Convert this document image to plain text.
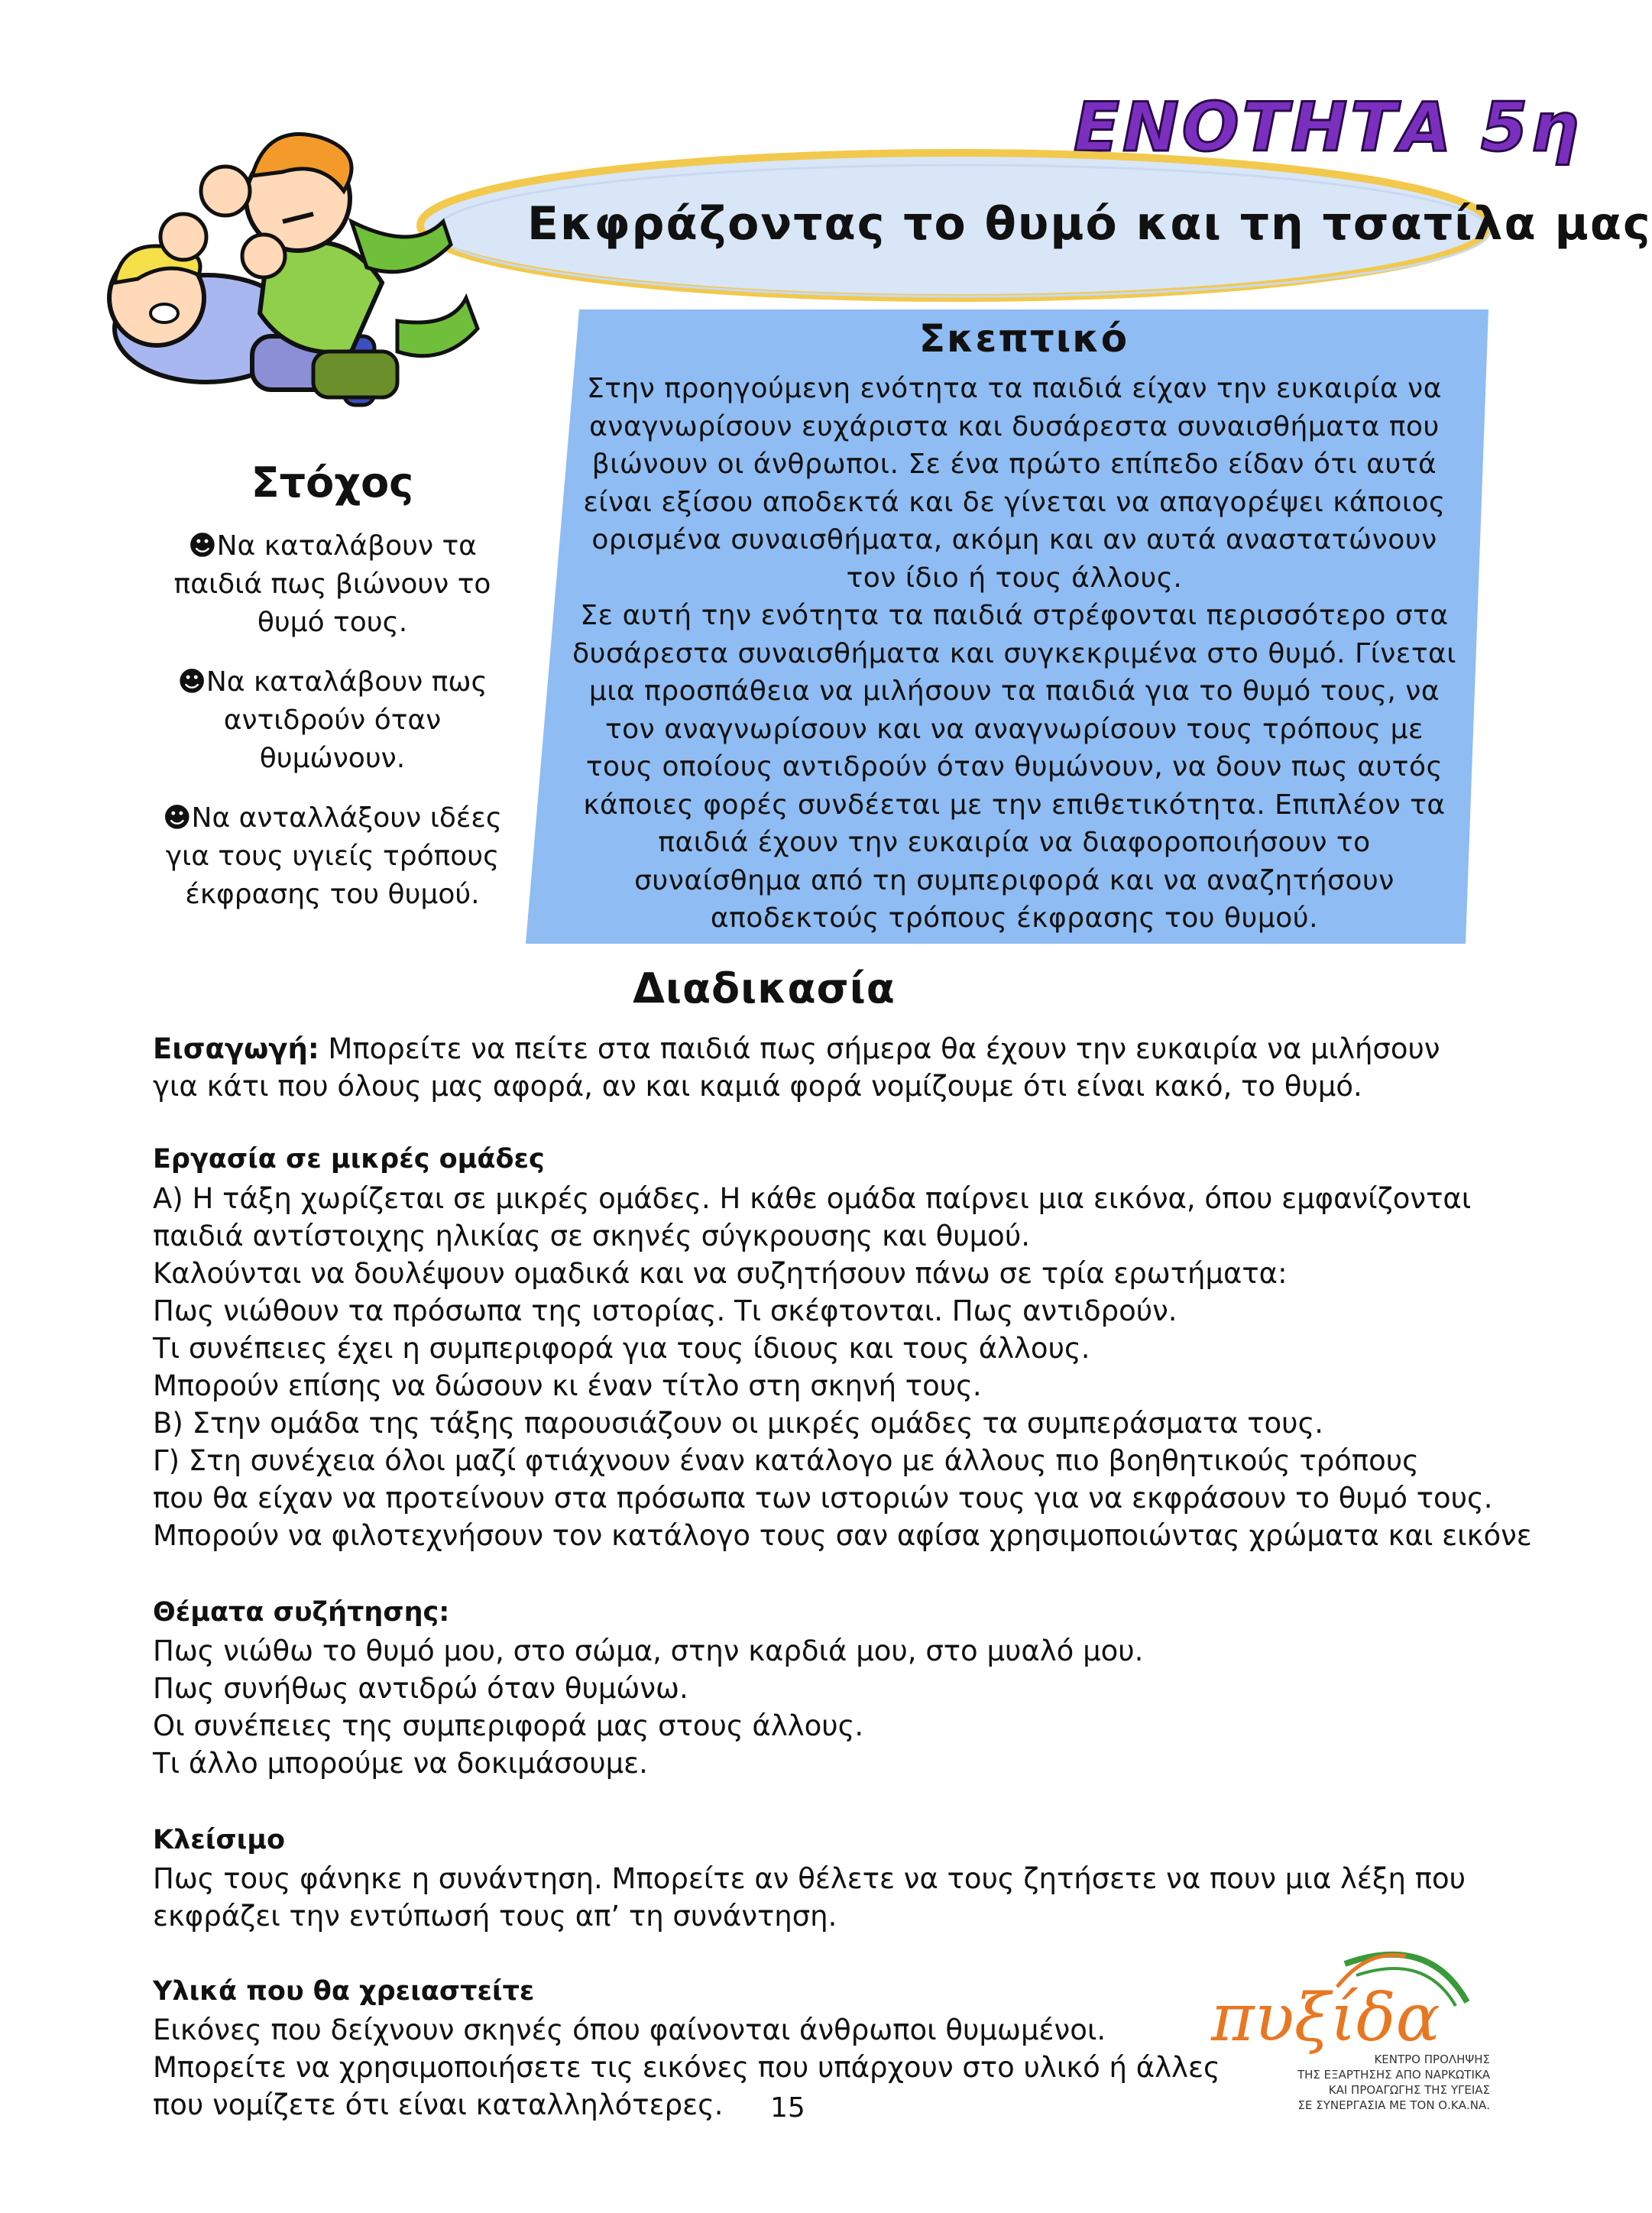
ΕΝΟΤΗΤΑ 5η
Εκφράζοντας το θυμό και τη τσατίλα μας
Στόχος
☻Να καταλάβουν τα
παιδιά πως βιώνουν το
θυμό τους.
☻Να καταλάβουν πως
αντιδρούν όταν
θυμώνουν.
☻Να ανταλλάξουν ιδέες
για τους υγιείς τρόπους
έκφρασης του θυμού.
Σκεπτικό
Στην προηγούμενη ενότητα τα παιδιά είχαν την ευκαιρία να
αναγνωρίσουν ευχάριστα και δυσάρεστα συναισθήματα που
βιώνουν οι άνθρωποι. Σε ένα πρώτο επίπεδο είδαν ότι αυτά
είναι εξίσου αποδεκτά και δε γίνεται να απαγορέψει κάποιος
ορισμένα συναισθήματα, ακόμη και αν αυτά αναστατώνουν
τον ίδιο ή τους άλλους.
Σε αυτή την ενότητα τα παιδιά στρέφονται περισσότερο στα
δυσάρεστα συναισθήματα και συγκεκριμένα στο θυμό. Γίνεται
μια προσπάθεια να μιλήσουν τα παιδιά για το θυμό τους, να
τον αναγνωρίσουν και να αναγνωρίσουν τους τρόπους με
τους οποίους αντιδρούν όταν θυμώνουν, να δουν πως αυτός
κάποιες φορές συνδέεται με την επιθετικότητα. Επιπλέον τα
παιδιά έχουν την ευκαιρία να διαφοροποιήσουν το
συναίσθημα από τη συμπεριφορά και να αναζητήσουν
αποδεκτούς τρόπους έκφρασης του θυμού.
Διαδικασία
Εισαγωγή: Μπορείτε να πείτε στα παιδιά πως σήμερα θα έχουν την ευκαιρία να μιλήσουν
για κάτι που όλους μας αφορά, αν και καμιά φορά νομίζουμε ότι είναι κακό, το θυμό.
Εργασία σε μικρές ομάδες
Α) Η τάξη χωρίζεται σε μικρές ομάδες. Η κάθε ομάδα παίρνει μια εικόνα, όπου εμφανίζονται
παιδιά αντίστοιχης ηλικίας σε σκηνές σύγκρουσης και θυμού.
Καλούνται να δουλέψουν ομαδικά και να συζητήσουν πάνω σε τρία ερωτήματα:
Πως νιώθουν τα πρόσωπα της ιστορίας. Τι σκέφτονται. Πως αντιδρούν.
Τι συνέπειες έχει η συμπεριφορά για τους ίδιους και τους άλλους.
Μπορούν επίσης να δώσουν κι έναν τίτλο στη σκηνή τους.
Β) Στην ομάδα της τάξης παρουσιάζουν οι μικρές ομάδες τα συμπεράσματα τους.
Γ) Στη συνέχεια όλοι μαζί φτιάχνουν έναν κατάλογο με άλλους πιο βοηθητικούς τρόπους
που θα είχαν να προτείνουν στα πρόσωπα των ιστοριών τους για να εκφράσουν το θυμό τους.
Μπορούν να φιλοτεχνήσουν τον κατάλογο τους σαν αφίσα χρησιμοποιώντας χρώματα και εικόνε
Θέματα συζήτησης:
Πως νιώθω το θυμό μου, στο σώμα, στην καρδιά μου, στο μυαλό μου.
Πως συνήθως αντιδρώ όταν θυμώνω.
Οι συνέπειες της συμπεριφορά μας στους άλλους.
Τι άλλο μπορούμε να δοκιμάσουμε.
Κλείσιμο
Πως τους φάνηκε η συνάντηση. Μπορείτε αν θέλετε να τους ζητήσετε να πουν μια λέξη που
εκφράζει την εντύπωσή τους απ’ τη συνάντηση.
Υλικά που θα χρειαστείτε
Εικόνες που δείχνουν σκηνές όπου φαίνονται άνθρωποι θυμωμένοι.
Μπορείτε να χρησιμοποιήσετε τις εικόνες που υπάρχουν στο υλικό ή άλλες
που νομίζετε ότι είναι καταλληλότερες.	15
πυξίδα
ΚΕΝΤΡΟ ΠΡΟΛΗΨΗΣ
ΤΗΣ ΕΞΑΡΤΗΣΗΣ ΑΠΟ ΝΑΡΚΩΤΙΚΑ
ΚΑΙ ΠΡΟΑΓΩΓΗΣ ΤΗΣ ΥΓΕΙΑΣ
ΣΕ ΣΥΝΕΡΓΑΣΙΑ ΜΕ ΤΟΝ Ο.ΚΑ.ΝΑ.
